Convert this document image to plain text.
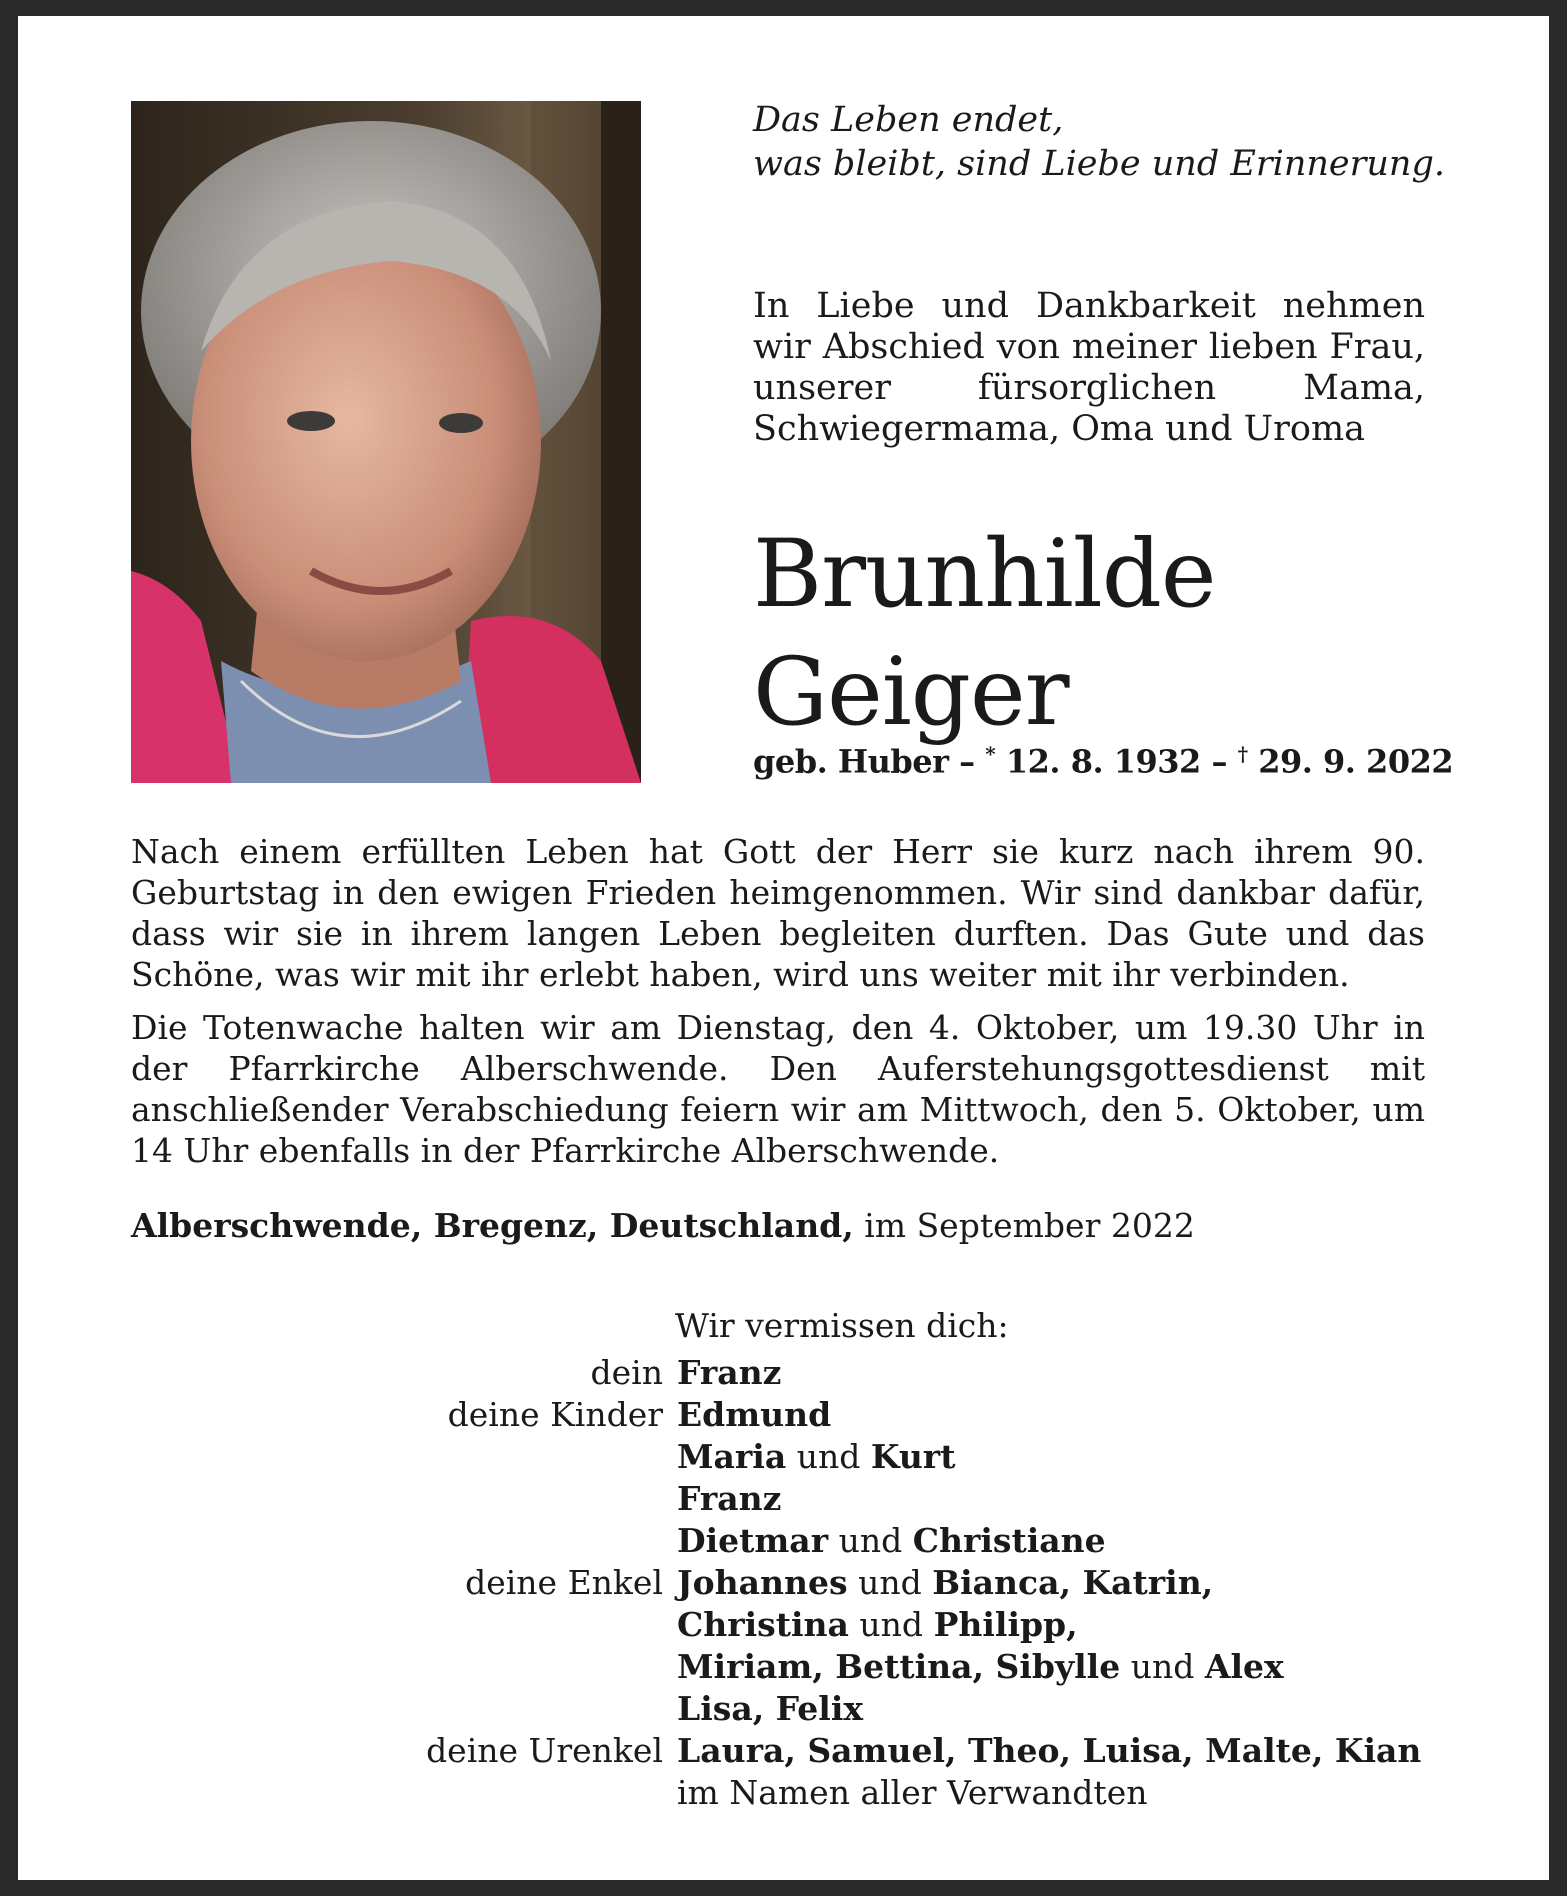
Das Leben endet,
was bleibt, sind Liebe und Erinnerung.
In Liebe und Dankbarkeit nehmen wir Abschied von meiner lieben Frau, unserer fürsorglichen Mama, Schwiegermama, Oma und Uroma
Brunhilde
Geiger
geb. Huber – * 12. 8. 1932 – † 29. 9. 2022

Nach einem erfüllten Leben hat Gott der Herr sie kurz nach ihrem 90. Geburtstag in den ewigen Frieden heimgenommen. Wir sind dankbar dafür, dass wir sie in ihrem langen Leben begleiten durften. Das Gute und das Schöne, was wir mit ihr erlebt haben, wird uns weiter mit ihr verbinden.

Die Totenwache halten wir am Dienstag, den 4. Oktober, um 19.30 Uhr in der Pfarrkirche Alberschwende. Den Auferstehungsgottesdienst mit anschließender Verabschiedung feiern wir am Mittwoch, den 5. Oktober, um 14 Uhr ebenfalls in der Pfarrkirche Alberschwende.

Alberschwende, Bregenz, Deutschland, im September 2022
Wir vermissen dich:
dein Franz
deine Kinder Edmund
Maria und Kurt
Franz
Dietmar und Christiane
deine Enkel Johannes und Bianca, Katrin,
Christina und Philipp,
Miriam, Bettina, Sibylle und Alex
Lisa, Felix
deine Urenkel Laura, Samuel, Theo, Luisa, Malte, Kian
im Namen aller Verwandten
